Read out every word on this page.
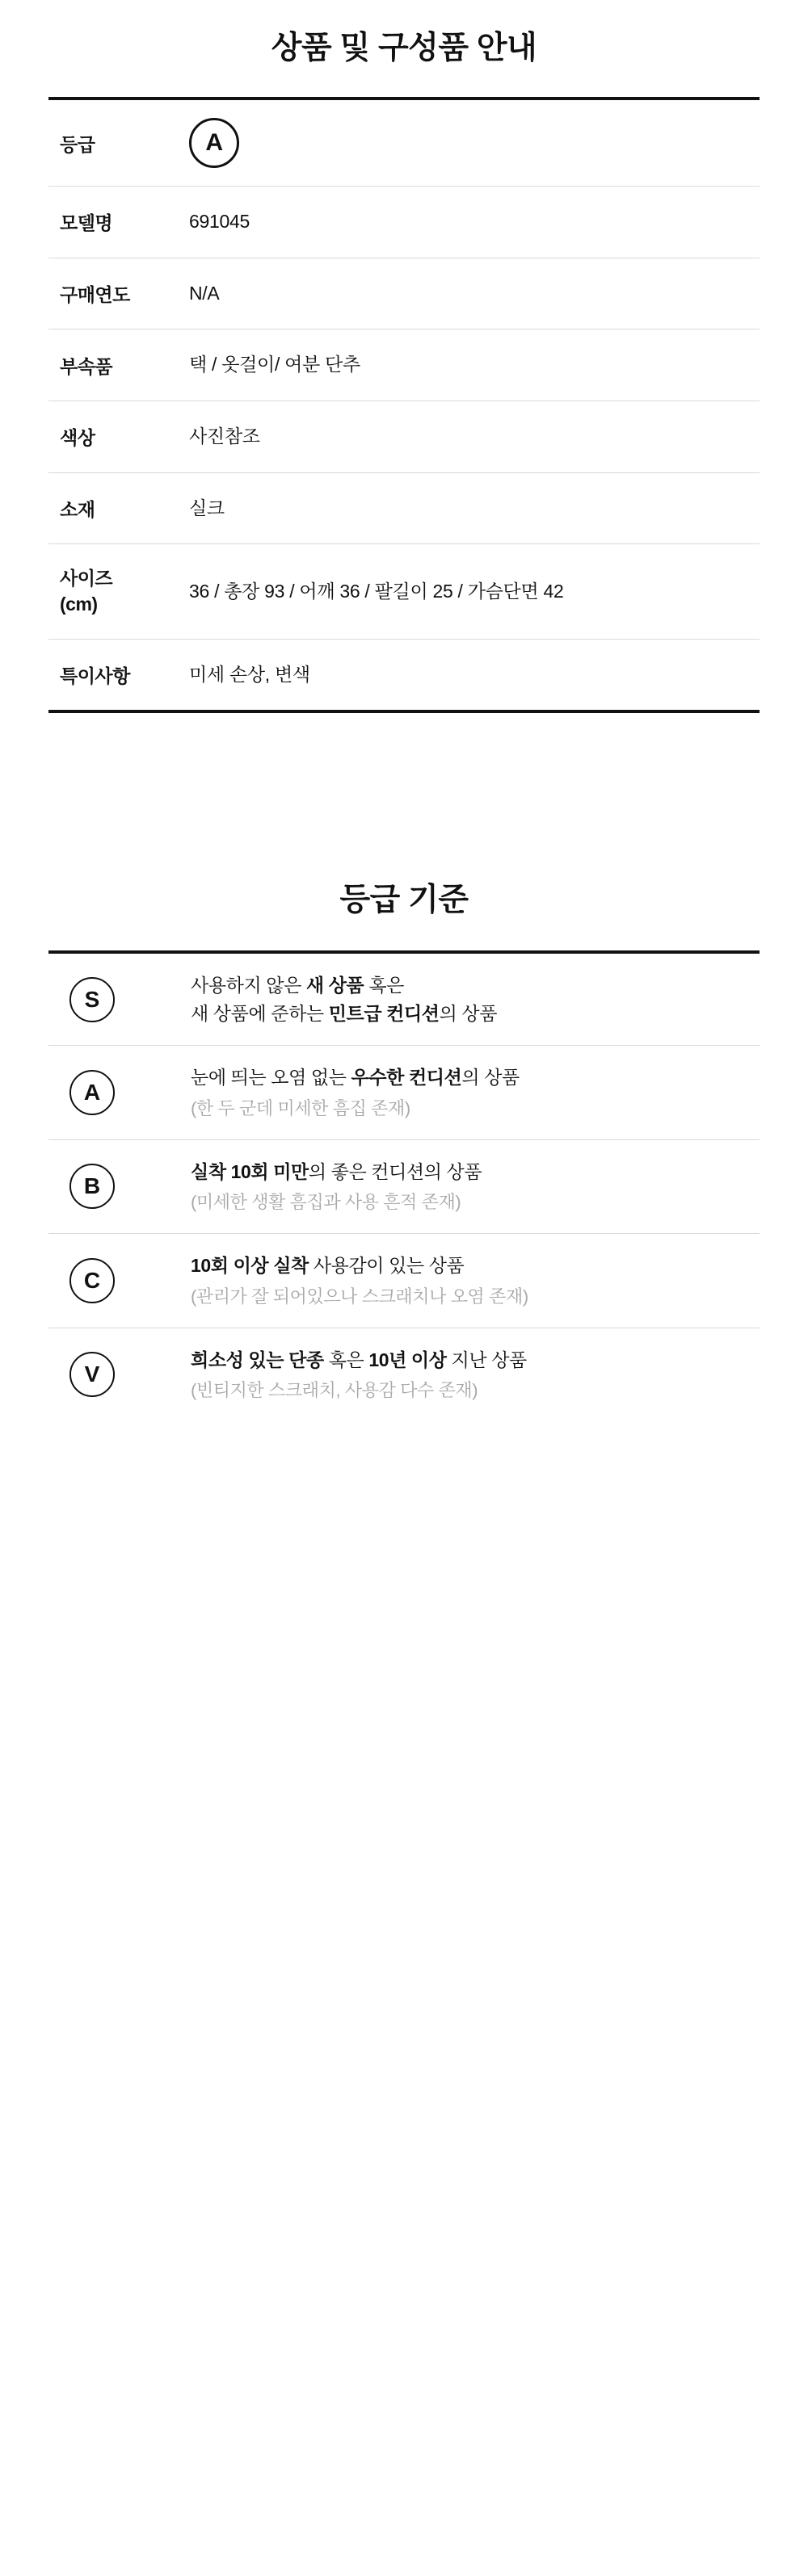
상품 및 구성품 안내
등급	A
모델명	691045
구매연도	N/A
부속품	택 / 옷걸이/ 여분 단추
색상	사진참조
소재	실크
사이즈
(cm)	36 / 총장 93 / 어깨 36 / 팔길이 25 / 가슴단면 42
특이사항	미세 손상, 변색
등급 기준
S	사용하지 않은 새 상품 혹은
새 상품에 준하는 민트급 컨디션의 상품

A	눈에 띄는 오염 없는 우수한 컨디션의 상품
(한 두 군데 미세한 흠집 존재)

B	실착 10회 미만의 좋은 컨디션의 상품
(미세한 생활 흠집과 사용 흔적 존재)

C	10회 이상 실착 사용감이 있는 상품
(관리가 잘 되어있으나 스크래치나 오염 존재)

V	희소성 있는 단종 혹은 10년 이상 지난 상품
(빈티지한 스크래치, 사용감 다수 존재)
